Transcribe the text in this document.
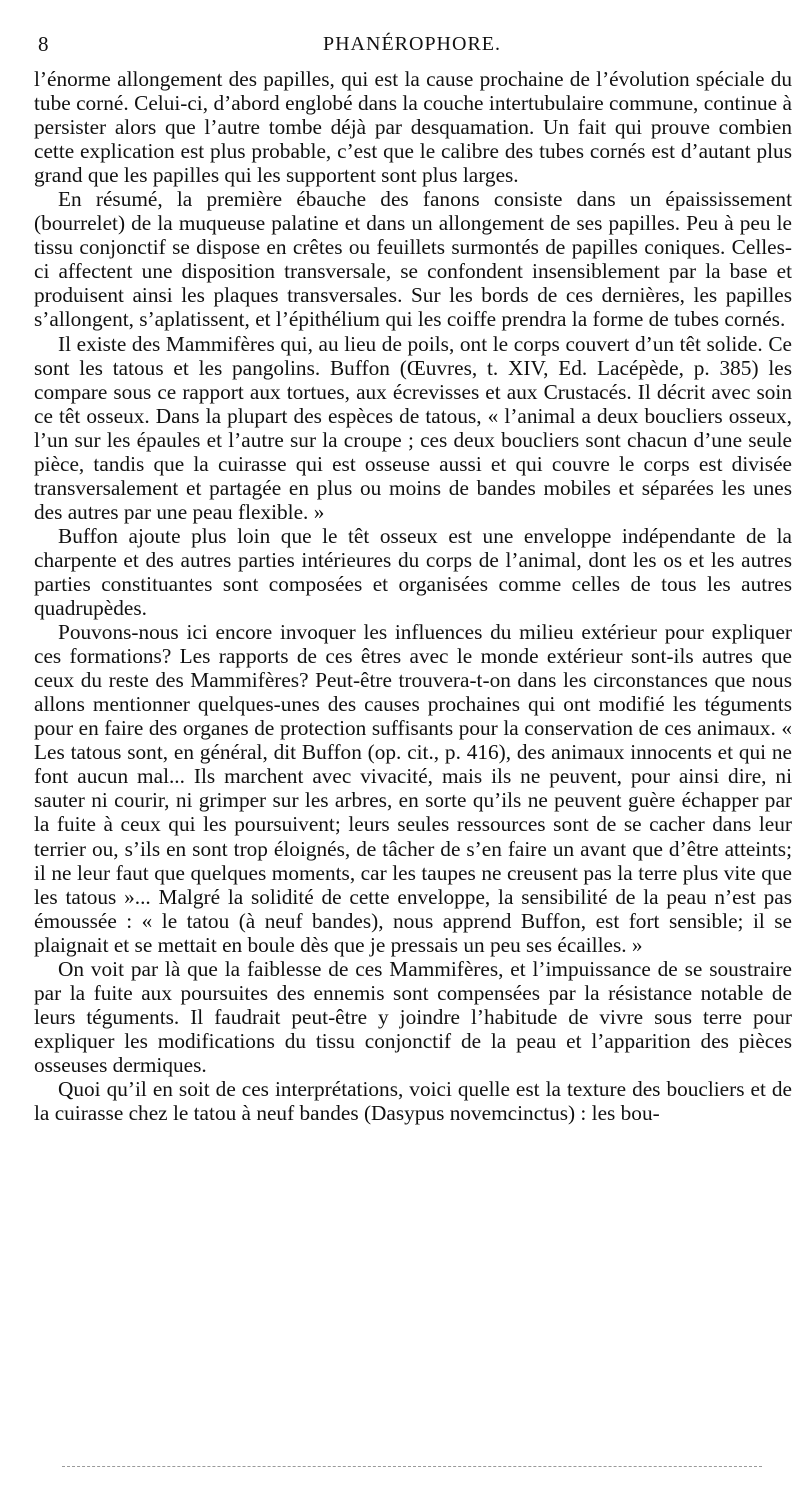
8	PHANÉROPHORE.

l’énorme allongement des papilles, qui est la cause prochaine de l’évolution spéciale du tube corné. Celui-ci, d’abord englobé dans la couche intertubulaire commune, continue à persister alors que l’autre tombe déjà par desquamation. Un fait qui prouve combien cette explication est plus probable, c’est que le calibre des tubes cornés est d’autant plus grand que les papilles qui les supportent sont plus larges.

En résumé, la première ébauche des fanons consiste dans un épaississement (bourrelet) de la muqueuse palatine et dans un allongement de ses papilles. Peu à peu le tissu conjonctif se dispose en crêtes ou feuillets surmontés de papilles coniques. Celles-ci affectent une disposition transversale, se confondent insensiblement par la base et produisent ainsi les plaques transversales. Sur les bords de ces dernières, les papilles s’allongent, s’aplatissent, et l’épithélium qui les coiffe prendra la forme de tubes cornés.

Il existe des Mammifères qui, au lieu de poils, ont le corps couvert d’un têt solide. Ce sont les tatous et les pangolins. Buffon (Œuvres, t. XIV, Ed. Lacépède, p. 385) les compare sous ce rapport aux tortues, aux écrevisses et aux Crustacés. Il décrit avec soin ce têt osseux. Dans la plupart des espèces de tatous, « l’animal a deux boucliers osseux, l’un sur les épaules et l’autre sur la croupe ; ces deux boucliers sont chacun d’une seule pièce, tandis que la cuirasse qui est osseuse aussi et qui couvre le corps est divisée transversalement et partagée en plus ou moins de bandes mobiles et séparées les unes des autres par une peau flexible. »

Buffon ajoute plus loin que le têt osseux est une enveloppe indépendante de la charpente et des autres parties intérieures du corps de l’animal, dont les os et les autres parties constituantes sont composées et organisées comme celles de tous les autres quadrupèdes.

Pouvons-nous ici encore invoquer les influences du milieu extérieur pour expliquer ces formations? Les rapports de ces êtres avec le monde extérieur sont-ils autres que ceux du reste des Mammifères? Peut-être trouvera-t-on dans les circonstances que nous allons mentionner quelques-unes des causes prochaines qui ont modifié les téguments pour en faire des organes de protection suffisants pour la conservation de ces animaux. « Les tatous sont, en général, dit Buffon (op. cit., p. 416), des animaux innocents et qui ne font aucun mal... Ils marchent avec vivacité, mais ils ne peuvent, pour ainsi dire, ni sauter ni courir, ni grimper sur les arbres, en sorte qu’ils ne peuvent guère échapper par la fuite à ceux qui les poursuivent; leurs seules ressources sont de se cacher dans leur terrier ou, s’ils en sont trop éloignés, de tâcher de s’en faire un avant que d’être atteints; il ne leur faut que quelques moments, car les taupes ne creusent pas la terre plus vite que les tatous »... Malgré la solidité de cette enveloppe, la sensibilité de la peau n’est pas émoussée : « le tatou (à neuf bandes), nous apprend Buffon, est fort sensible; il se plaignait et se mettait en boule dès que je pressais un peu ses écailles. »

On voit par là que la faiblesse de ces Mammifères, et l’impuissance de se soustraire par la fuite aux poursuites des ennemis sont compensées par la résistance notable de leurs téguments. Il faudrait peut-être y joindre l’habitude de vivre sous terre pour expliquer les modifications du tissu conjonctif de la peau et l’apparition des pièces osseuses dermiques.

Quoi qu’il en soit de ces interprétations, voici quelle est la texture des boucliers et de la cuirasse chez le tatou à neuf bandes (Dasypus novemcinctus) : les bou-
